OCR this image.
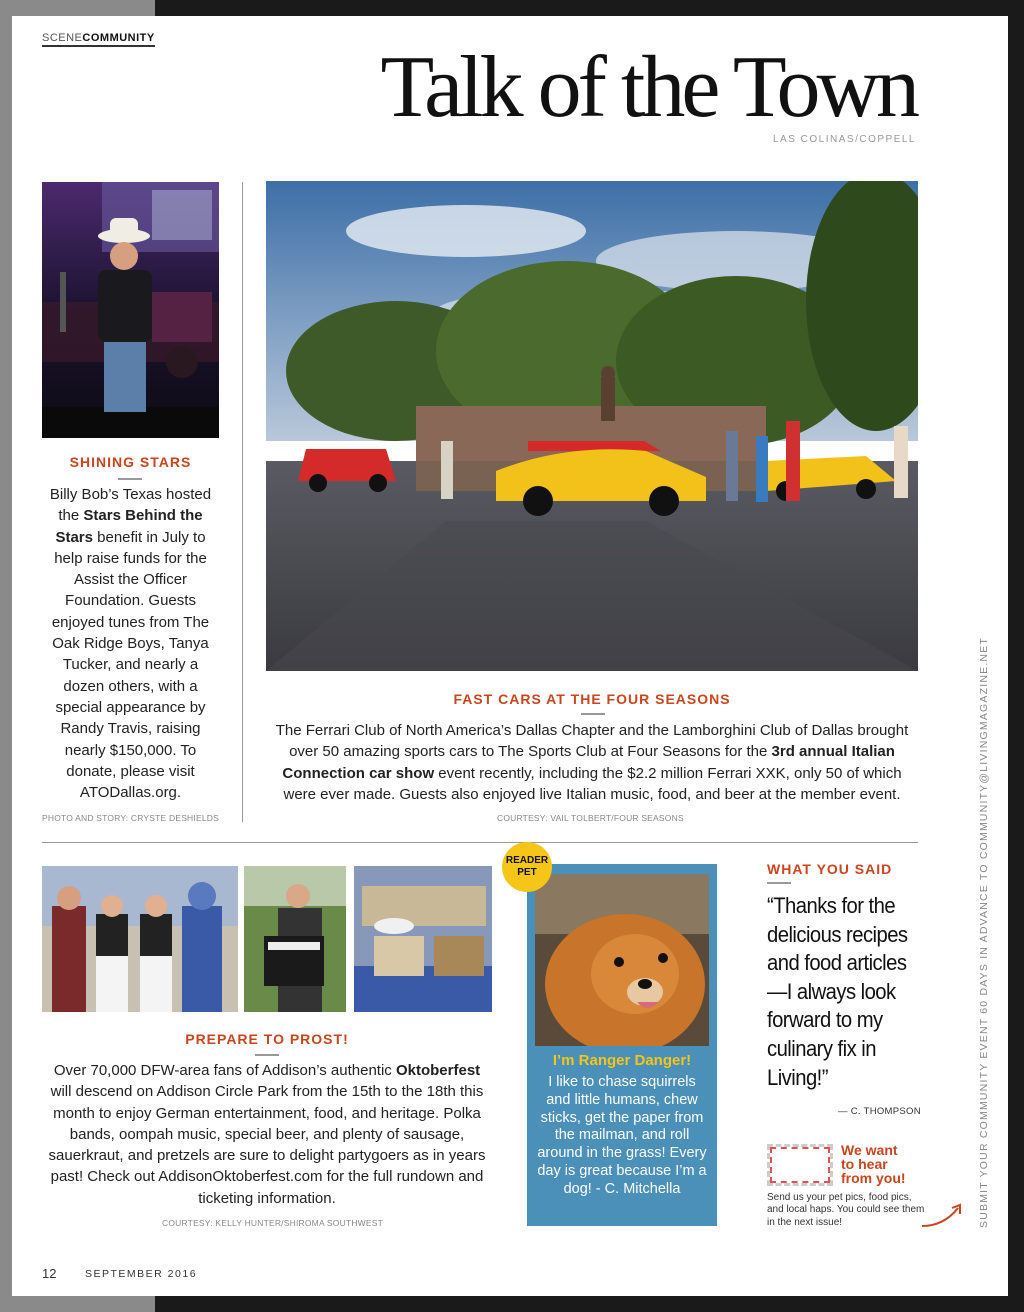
SCENECOMMUNITY
Talk of the Town
LAS COLINAS/COPPELL
SHINING STARS
Billy Bob’s Texas hosted the Stars Behind the Stars benefit in July to help raise funds for the Assist the Officer Foundation. Guests enjoyed tunes from The Oak Ridge Boys, Tanya Tucker, and nearly a dozen others, with a special appearance by Randy Travis, raising nearly $150,000. To donate, please visit ATODallas.org.
PHOTO AND STORY: CRYSTE DESHIELDS
FAST CARS AT THE FOUR SEASONS
The Ferrari Club of North America’s Dallas Chapter and the Lamborghini Club of Dallas brought over 50 amazing sports cars to The Sports Club at Four Seasons for the 3rd annual Italian Connection car show event recently, including the $2.2 million Ferrari XXK, only 50 of which were ever made. Guests also enjoyed live Italian music, food, and beer at the member event.
COURTESY: VAIL TOLBERT/FOUR SEASONS
PREPARE TO PROST!
Over 70,000 DFW-area fans of Addison’s authentic Oktoberfest will descend on Addison Circle Park from the 15th to the 18th this month to enjoy German entertainment, food, and heritage. Polka bands, oompah music, special beer, and plenty of sausage, sauerkraut, and pretzels are sure to delight partygoers as in years past! Check out AddisonOktoberfest.com for the full rundown and ticketing information.
COURTESY: KELLY HUNTER/SHIROMA SOUTHWEST
I’m Ranger Danger!
I like to chase squirrels and little humans, chew sticks, get the paper from the mailman, and roll around in the grass! Every day is great because I’m a dog! - C. Mitchella
READER
PET	WHAT YOU SAID
“Thanks for the delicious recipes and food articles—I always look forward to my culinary fix in Living!”
— C. THOMPSON
We want
to hear
from you!
Send us your pet pics, food pics, and local haps. You could see them in the next issue!	SUBMIT YOUR COMMUNITY EVENT 60 DAYS IN ADVANCE TO COMMUNITY@LIVINGMAGAZINE.NET
12	SEPTEMBER 2016
